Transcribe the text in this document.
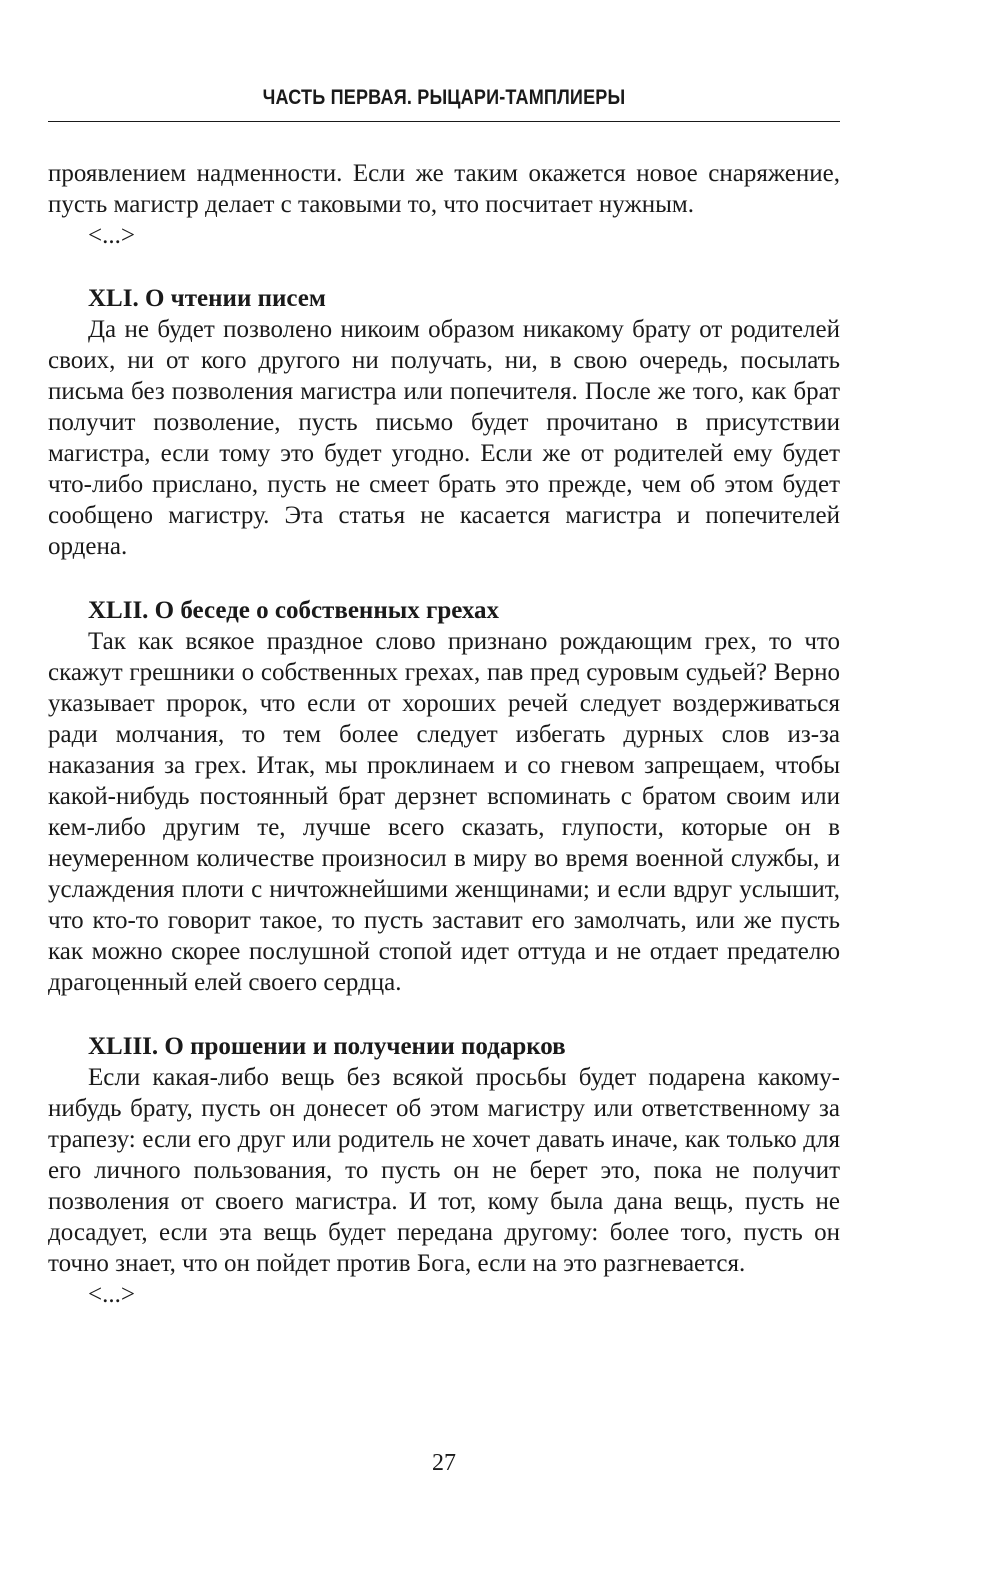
ЧАСТЬ ПЕРВАЯ. РЫЦАРИ-ТАМПЛИЕРЫ

проявлением надменности. Если же таким окажется новое снаряжение, пусть магистр делает с таковыми то, что посчитает нужным.

<...>

XLI. О чтении писем

Да не будет позволено никоим образом никакому брату от родителей своих, ни от кого другого ни получать, ни, в свою очередь, посылать письма без позволения магистра или попечителя. После же того, как брат получит позволение, пусть письмо будет прочитано в присутствии магистра, если тому это будет угодно. Если же от родителей ему будет что-либо прислано, пусть не смеет брать это прежде, чем об этом будет сообщено магистру. Эта статья не касается магистра и попечителей ордена.

XLII. О беседе о собственных грехах

Так как всякое праздное слово признано рождающим грех, то что скажут грешники о собственных грехах, пав пред суровым судьей? Верно указывает пророк, что если от хороших речей следует воздерживаться ради молчания, то тем более следует избегать дурных слов из-за наказания за грех. Итак, мы проклинаем и со гневом запрещаем, чтобы какой-нибудь постоянный брат дерзнет вспоминать с братом своим или кем-либо другим те, лучше всего сказать, глупости, которые он в неумеренном количестве произносил в миру во время военной службы, и услаждения плоти с ничтожнейшими женщинами; и если вдруг услышит, что кто-то говорит такое, то пусть заставит его замолчать, или же пусть как можно скорее послушной стопой идет оттуда и не отдает предателю драгоценный елей своего сердца.

XLIII. О прошении и получении подарков

Если какая-либо вещь без всякой просьбы будет подарена какому-нибудь брату, пусть он донесет об этом магистру или ответственному за трапезу: если его друг или родитель не хочет давать иначе, как только для его личного пользования, то пусть он не берет это, пока не получит позволения от своего магистра. И тот, кому была дана вещь, пусть не досадует, если эта вещь будет передана другому: более того, пусть он точно знает, что он пойдет против Бога, если на это разгневается.

<...>

27
